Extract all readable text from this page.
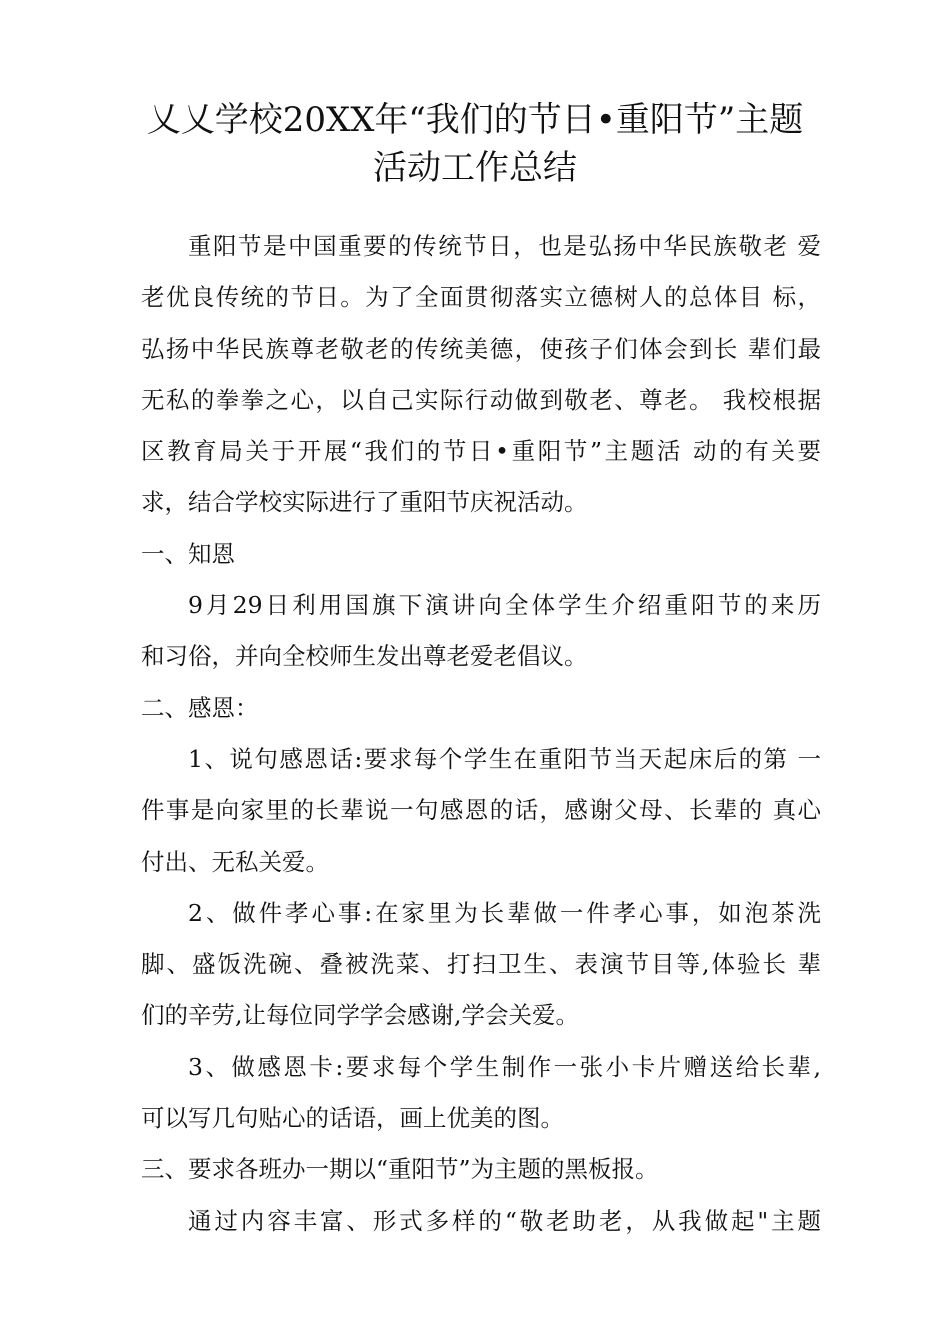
乂乂学校20XX年“我们的节日•重阳节”主题
活动工作总结
重阳节是中国重要的传统节日，也是弘扬中华民族敬老 爱
老优良传统的节日。为了全面贯彻落实立德树人的总体目 标，
弘扬中华民族尊老敬老的传统美德，使孩子们体会到长 辈们最
无私的拳拳之心，以自己实际行动做到敬老、尊老。 我校根据
区教育局关于开展“我们的节日•重阳节”主题活 动的有关要
求，结合学校实际进行了重阳节庆祝活动。
一、知恩
9月29日利用国旗下演讲向全体学生介绍重阳节的来历
和习俗，并向全校师生发出尊老爱老倡议。
二、感恩：
1、说句感恩话:要求每个学生在重阳节当天起床后的第 一
件事是向家里的长辈说一句感恩的话，感谢父母、长辈的 真心
付出、无私关爱。
2、做件孝心事:在家里为长辈做一件孝心事，如泡茶洗
脚、盛饭洗碗、叠被洗菜、打扫卫生、表演节目等,体验长 辈
们的辛劳,让每位同学学会感谢,学会关爱。
3、做感恩卡:要求每个学生制作一张小卡片赠送给长辈,
可以写几句贴心的话语，画上优美的图。
三、要求各班办一期以“重阳节”为主题的黑板报。
通过内容丰富、形式多样的“敬老助老，从我做起"主题
